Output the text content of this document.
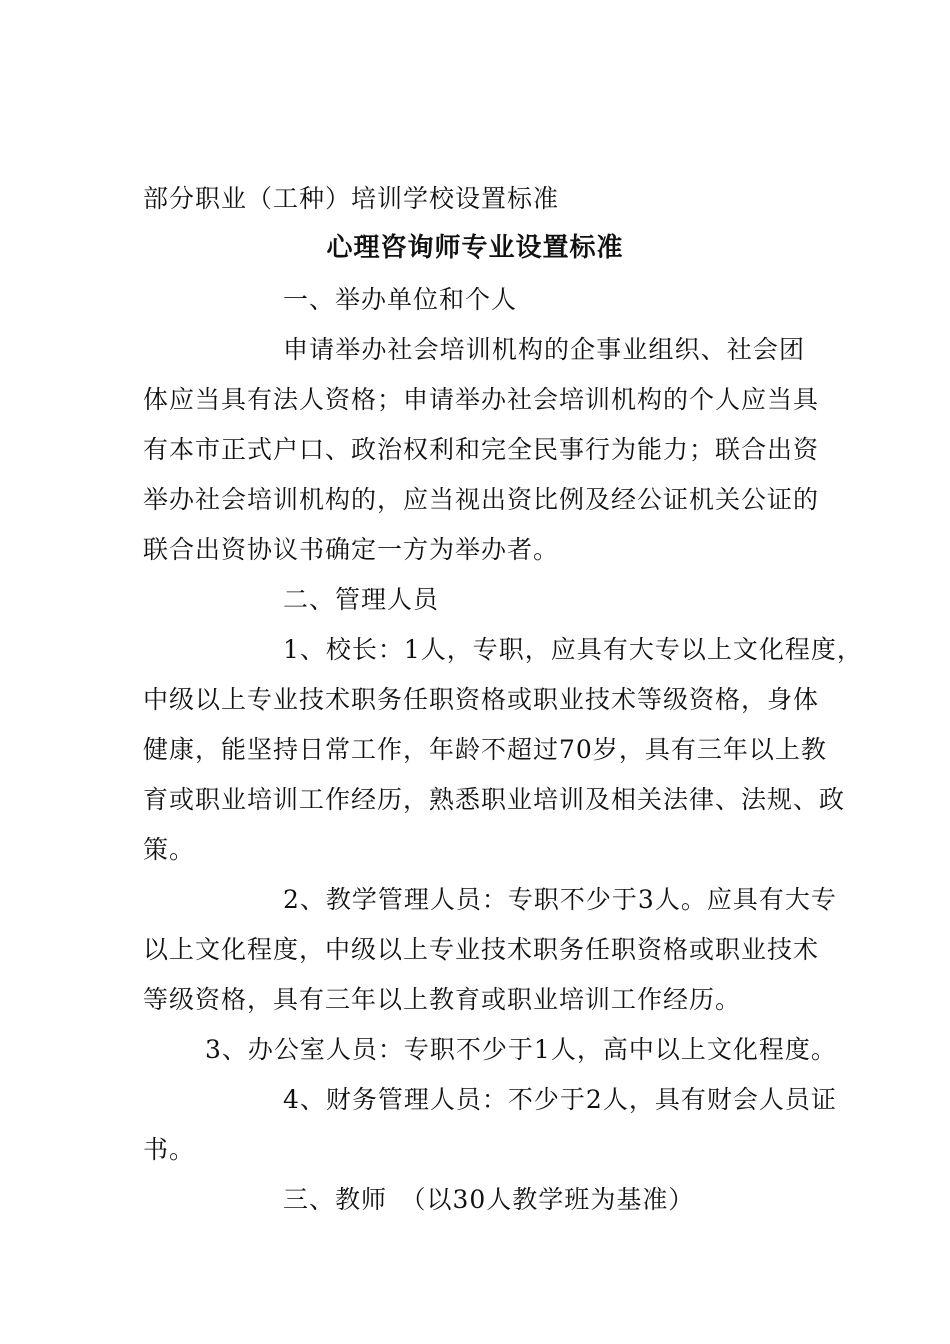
部分职业（工种）培训学校设置标准
心理咨询师专业设置标准
一、举办单位和个人
申请举办社会培训机构的企事业组织、社会团
体应当具有法人资格；申请举办社会培训机构的个人应当具
有本市正式户口、政治权利和完全民事行为能力；联合出资
举办社会培训机构的，应当视出资比例及经公证机关公证的
联合出资协议书确定一方为举办者。
二、管理人员
1、校长：1人，专职，应具有大专以上文化程度，
中级以上专业技术职务任职资格或职业技术等级资格，身体
健康，能坚持日常工作，年龄不超过70岁，具有三年以上教
育或职业培训工作经历，熟悉职业培训及相关法律、法规、政
策。
2、教学管理人员：专职不少于3人。应具有大专
以上文化程度，中级以上专业技术职务任职资格或职业技术
等级资格，具有三年以上教育或职业培训工作经历。
3、办公室人员：专职不少于1人，高中以上文化程度。
4、财务管理人员：不少于2人，具有财会人员证
书。
三、教师　（以30人教学班为基准）
